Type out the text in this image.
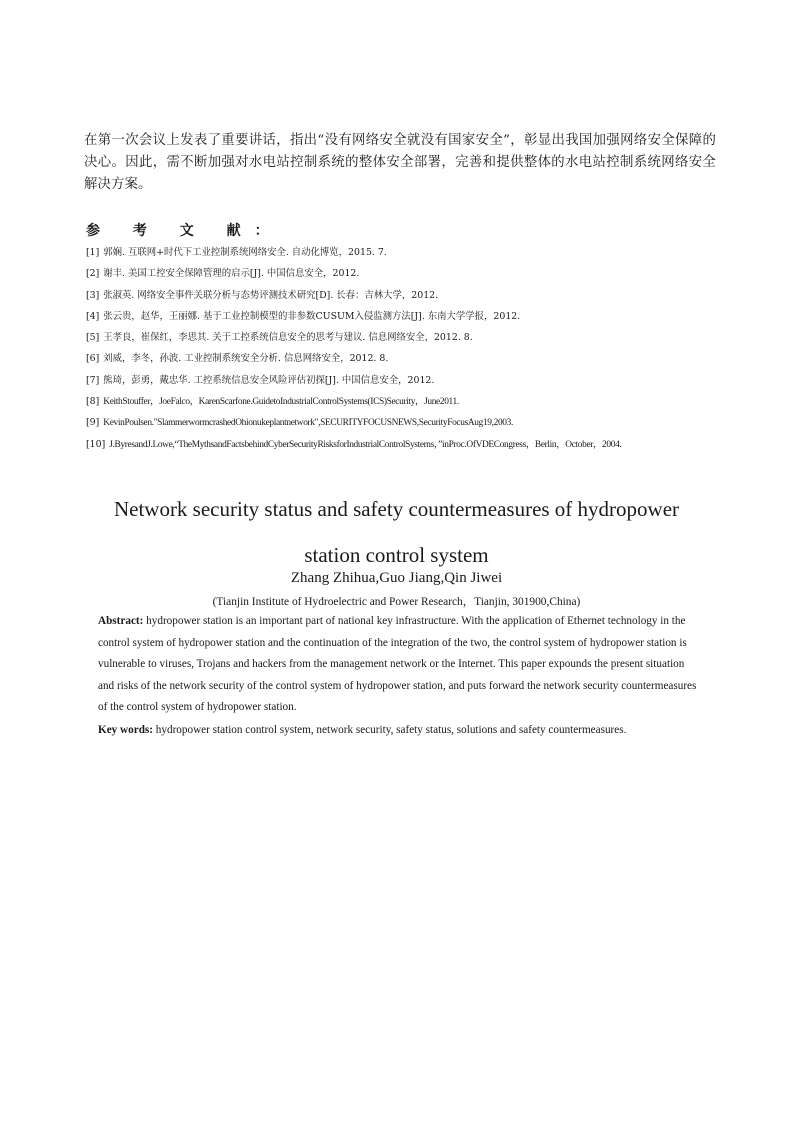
在第一次会议上发表了重要讲话，指出“没有网络安全就没有国家安全”，彰显出我国加强网络安全保障的决心。因此，需不断加强对水电站控制系统的整体安全部署，完善和提供整体的水电站控制系统网络安全解决方案。

参 考 文 献：

[1] 郭娴. 互联网+时代下工业控制系统网络安全. 自动化博览，2015. 7.
[2] 谢丰. 美国工控安全保障管理的启示[J]. 中国信息安全，2012.
[3] 张淑英. 网络安全事件关联分析与态势评测技术研究[D]. 长春：吉林大学，2012.
[4] 张云贵，赵华，王丽娜. 基于工业控制模型的非参数CUSUM入侵监测方法[J]. 东南大学学报，2012.
[5] 王孝良，崔保红，李思其. 关于工控系统信息安全的思考与建议. 信息网络安全，2012. 8.
[6] 刘威，李冬，孙波. 工业控制系统安全分析. 信息网络安全，2012. 8.
[7] 熊琦，彭勇，戴忠华. 工控系统信息安全风险评估初探[J]. 中国信息安全，2012.
[8] KeithStouffer，JoeFalco，KarenScarfone.GuidetoIndustrialControlSystems(ICS)Security，June2011.
[9] KevinPoulsen."SlammerwormcrashedOhionukeplantnetwork",SECURITYFOCUSNEWS,SecurityFocusAug19,2003.
[10] J.ByresandJ.Lowe,“TheMythsandFactsbehindCyberSecurityRisksforIndustrialControlSystems，”inProc.OfVDECongress，Berlin，October，2004.
Network security status and safety countermeasures of hydropower
station control system

Zhang Zhihua,Guo Jiang,Qin Jiwei

(Tianjin Institute of Hydroelectric and Power Research，Tianjin, 301900,China)

Abstract: hydropower station is an important part of national key infrastructure. With the application of Ethernet technology in the control system of hydropower station and the continuation of the integration of the two, the control system of hydropower station is vulnerable to viruses, Trojans and hackers from the management network or the Internet. This paper expounds the present situation and risks of the network security of the control system of hydropower station, and puts forward the network security countermeasures of the control system of hydropower station.

Key words: hydropower station control system, network security, safety status, solutions and safety countermeasures.
